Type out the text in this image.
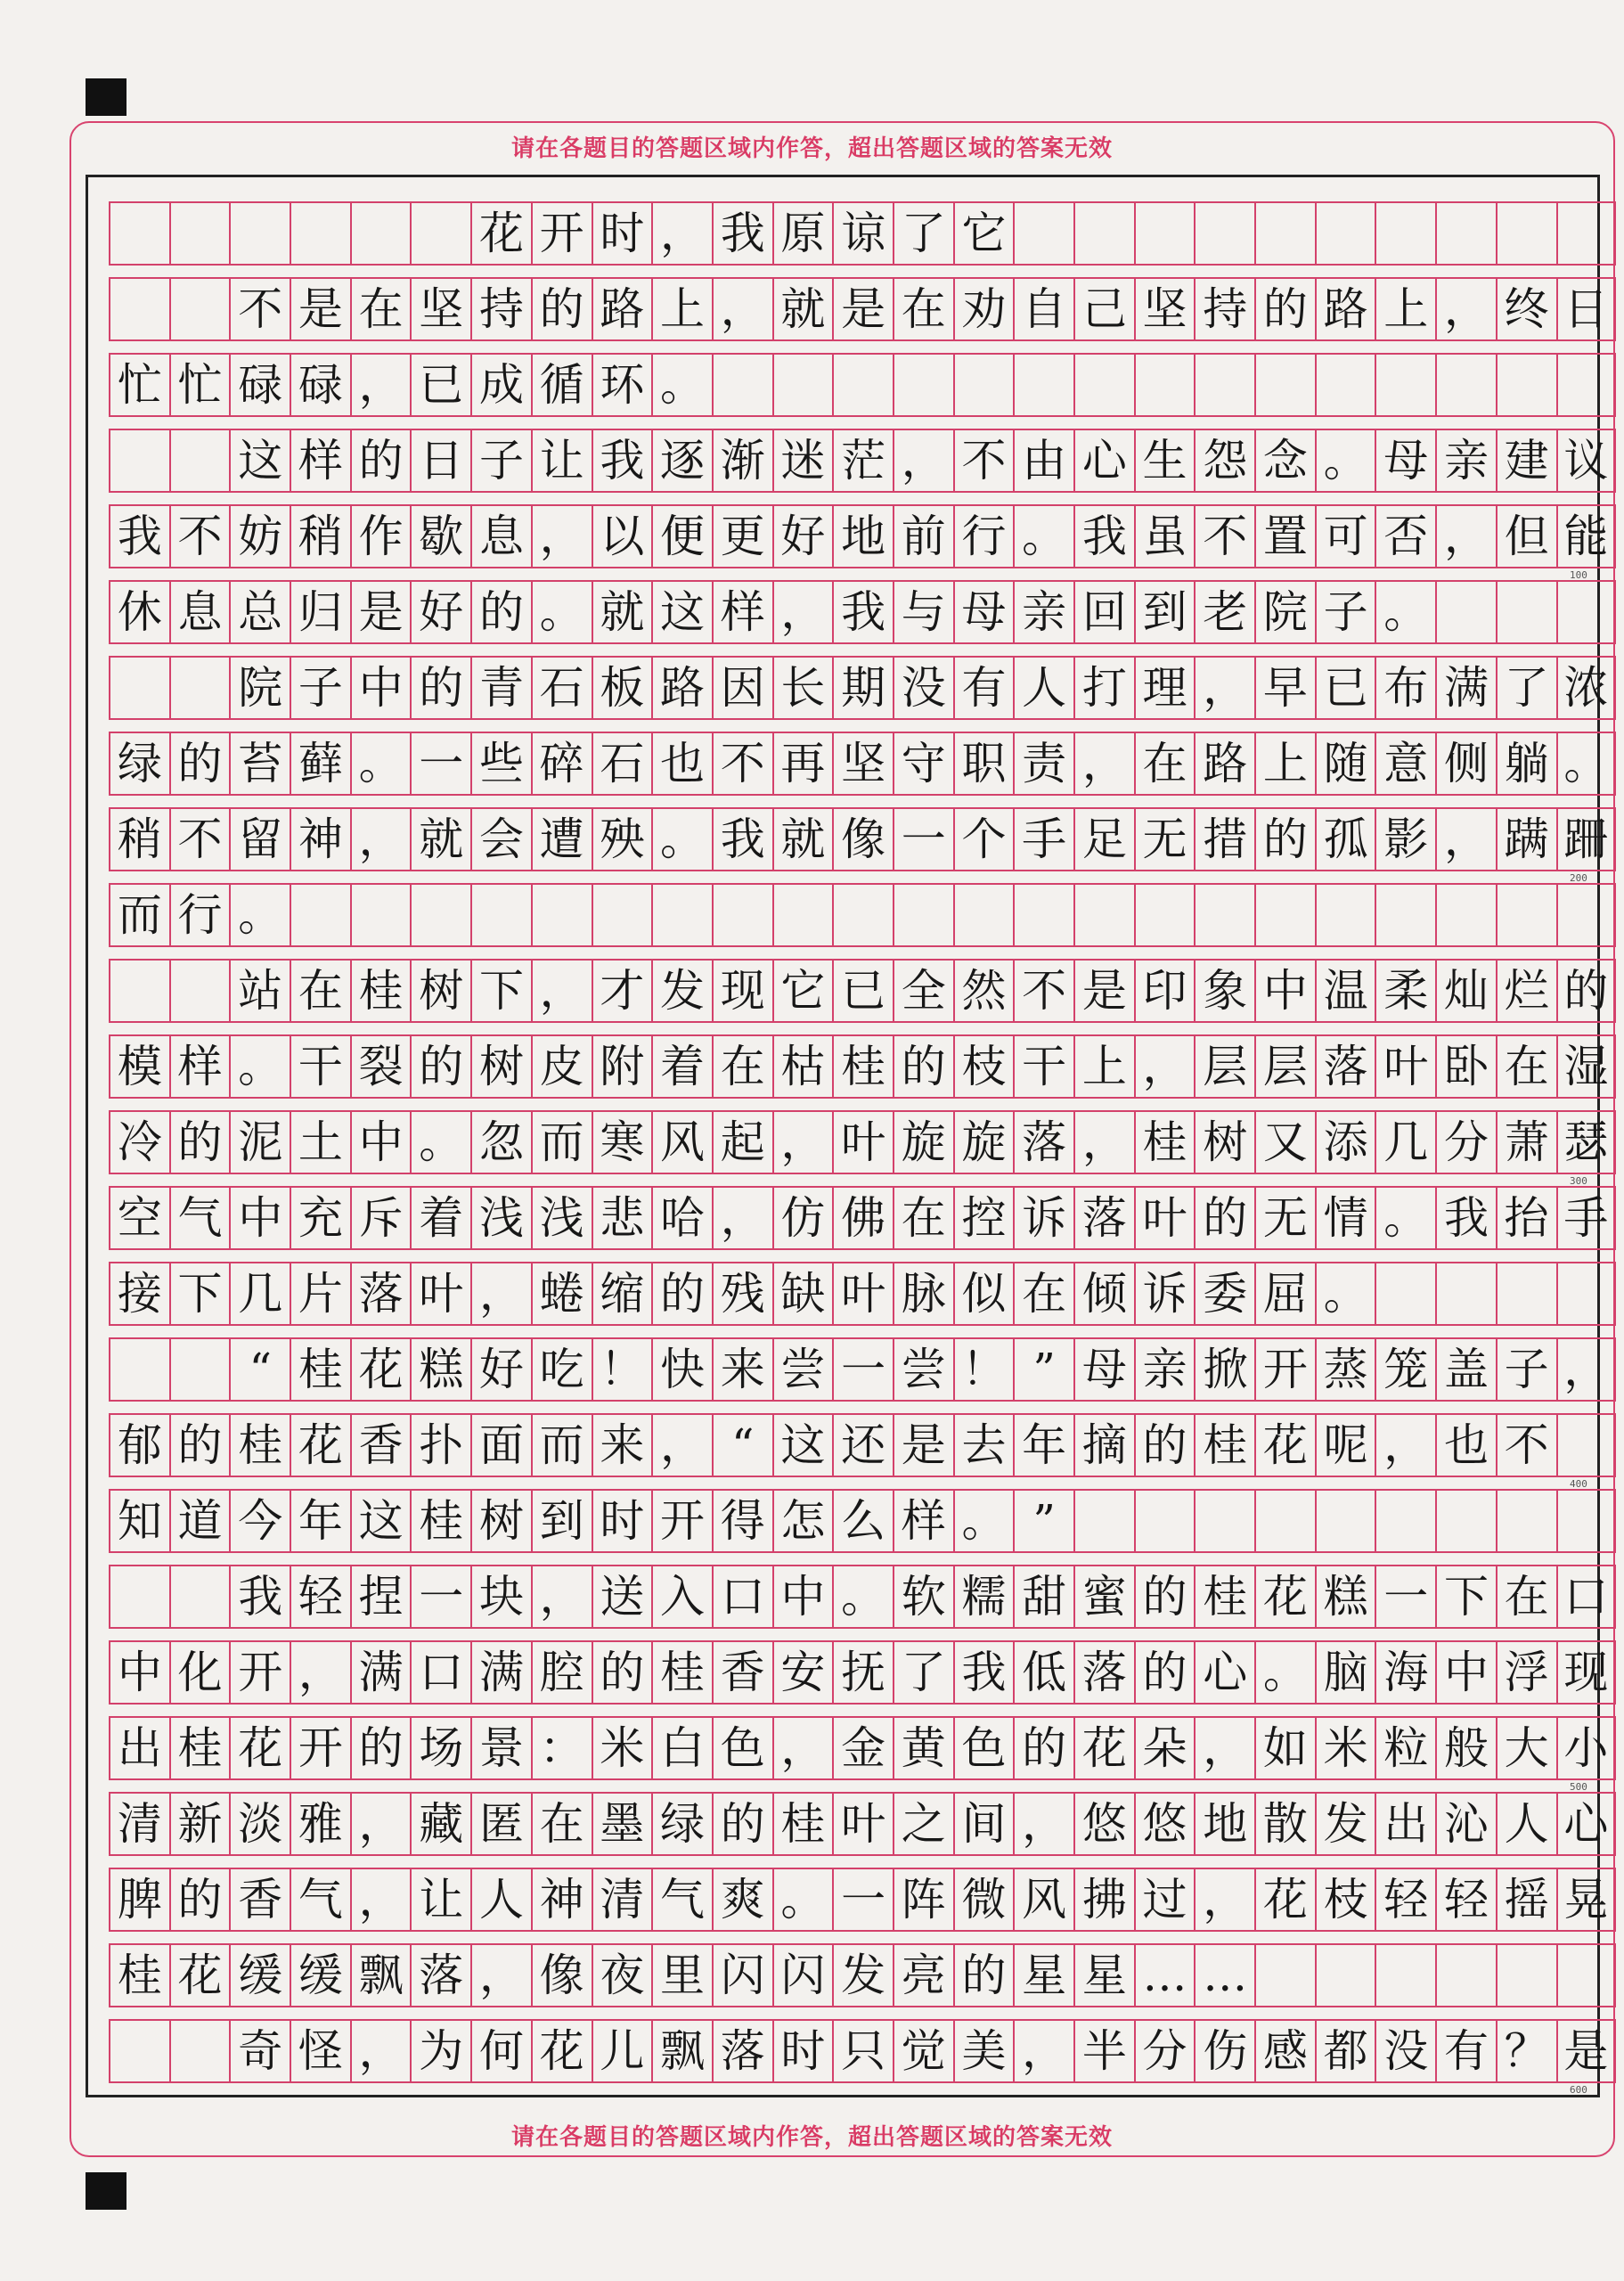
请在各题目的答题区域内作答，超出答题区域的答案无效
花 开 时 ， 我 原 谅 了 它
不 是 在 坚 持 的 路 上 ， 就 是 在 劝 自 己 坚 持 的 路 上 ， 终 日
忙 忙 碌 碌 ， 已 成 循 环 。
这 样 的 日 子 让 我 逐 渐 迷 茫 ， 不 由 心 生 怨 念 。 母 亲 建 议
我 不 妨 稍 作 歇 息 ， 以 便 更 好 地 前 行 。 我 虽 不 置 可 否 ， 但 能
休 息 总 归 是 好 的 。 就 这 样 ， 我 与 母 亲 回 到 老 院 子 。
院 子 中 的 青 石 板 路 因 长 期 没 有 人 打 理 ， 早 已 布 满 了 浓
绿 的 苔 藓 。 一 些 碎 石 也 不 再 坚 守 职 责 ， 在 路 上 随 意 侧 躺 。
稍 不 留 神 ， 就 会 遭 殃 。 我 就 像 一 个 手 足 无 措 的 孤 影 ， 蹒 跚
而 行 。
站 在 桂 树 下 ， 才 发 现 它 已 全 然 不 是 印 象 中 温 柔 灿 烂 的
模 样 。 干 裂 的 树 皮 附 着 在 枯 桂 的 枝 干 上 ， 层 层 落 叶 卧 在 湿
冷 的 泥 土 中 。 忽 而 寒 风 起 ， 叶 旋 旋 落 ， 桂 树 又 添 几 分 萧 瑟
空 气 中 充 斥 着 浅 浅 悲 哈 ， 仿 佛 在 控 诉 落 叶 的 无 情 。 我 抬 手
接 下 几 片 落 叶 ， 蜷 缩 的 残 缺 叶 脉 似 在 倾 诉 委 屈 。
“ 桂 花 糕 好 吃 ！ 快 来 尝 一 尝 ！ ” 母 亲 掀 开 蒸 笼 盖 子 ，
郁 的 桂 花 香 扑 面 而 来 ， “ 这 还 是 去 年 摘 的 桂 花 呢 ， 也 不
知 道 今 年 这 桂 树 到 时 开 得 怎 么 样 。 ”
我 轻 捏 一 块 ， 送 入 口 中 。 软 糯 甜 蜜 的 桂 花 糕 一 下 在 口
中 化 开 ， 满 口 满 腔 的 桂 香 安 抚 了 我 低 落 的 心 。 脑 海 中 浮 现
出 桂 花 开 的 场 景 ： 米 白 色 ， 金 黄 色 的 花 朵 ， 如 米 粒 般 大 小
清 新 淡 雅 ， 藏 匿 在 墨 绿 的 桂 叶 之 间 ， 悠 悠 地 散 发 出 沁 人 心
脾 的 香 气 ， 让 人 神 清 气 爽 。 一 阵 微 风 拂 过 ， 花 枝 轻 轻 摇 晃
桂 花 缓 缓 飘 落 ， 像 夜 里 闪 闪 发 亮 的 星 星 … …
奇 怪 ， 为 何 花 儿 飘 落 时 只 觉 美 ， 半 分 伤 感 都 没 有 ？ 是
请在各题目的答题区域内作答，超出答题区域的答案无效
100
200
300
400
500
600
